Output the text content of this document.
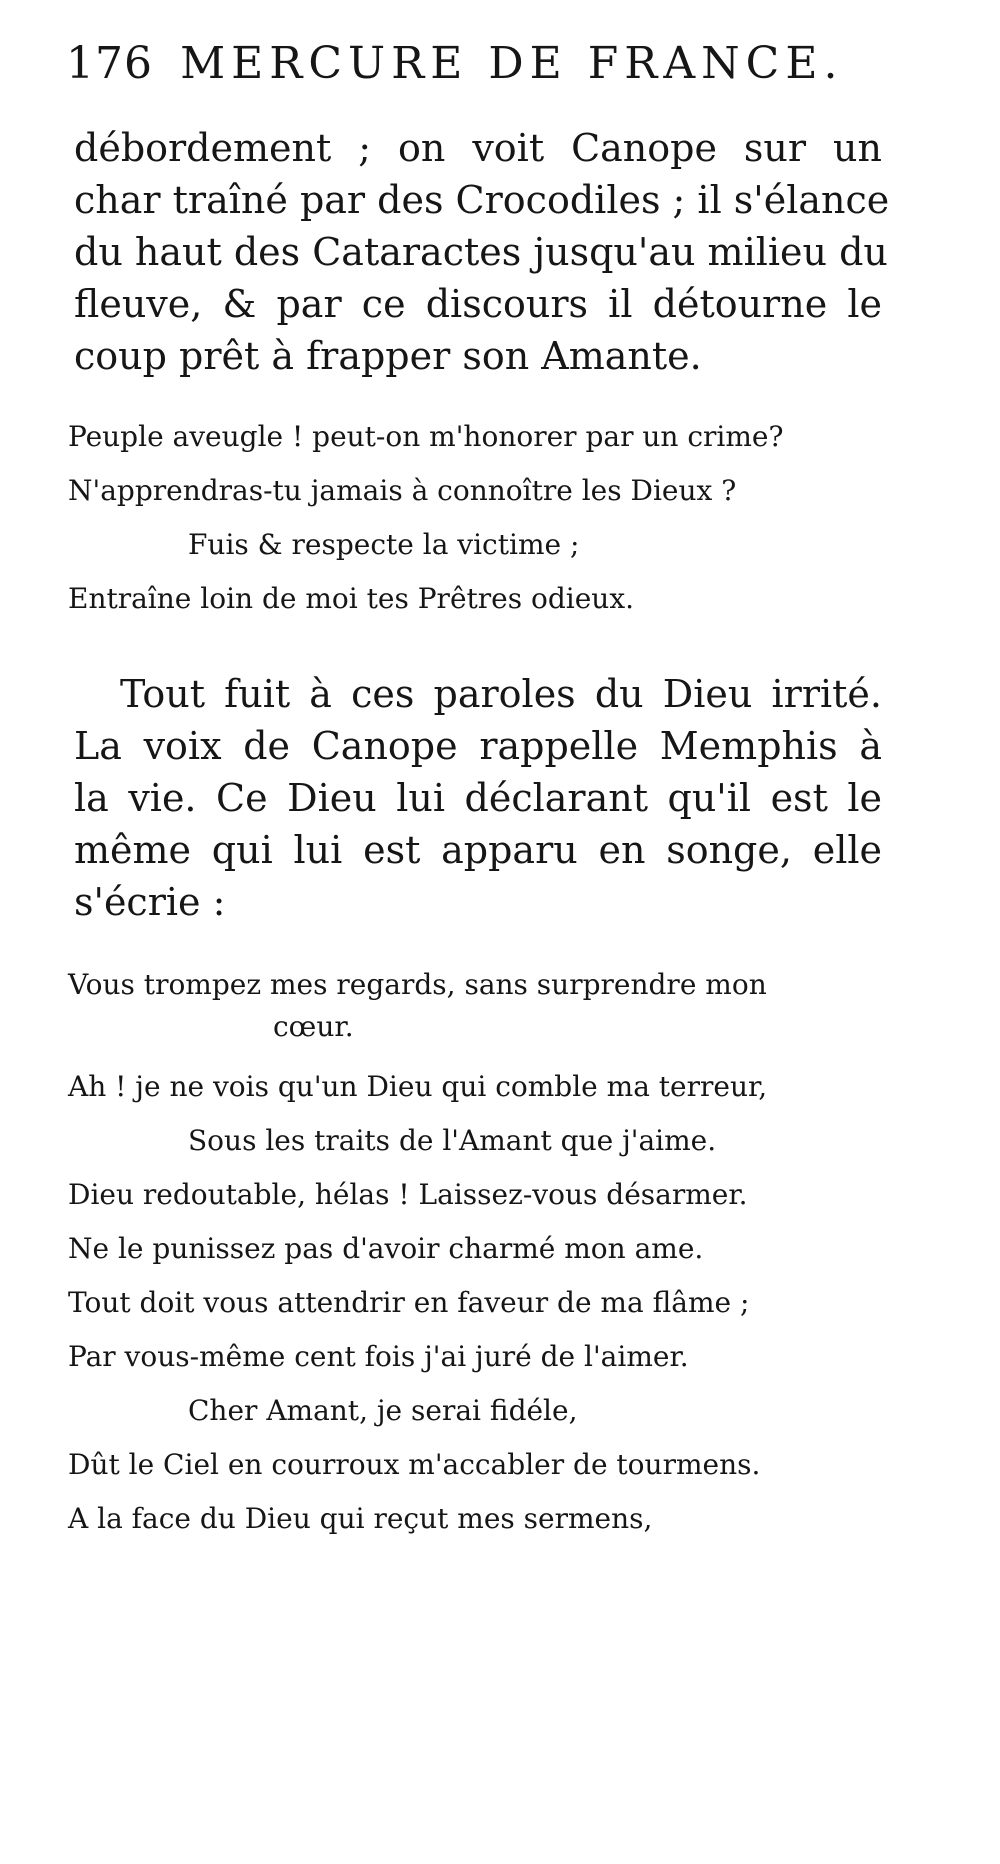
176 MERCURE DE FRANCE.
débordement ; on voit Canope sur un
char traîné par des Crocodiles ; il s'élance
du haut des Cataractes jusqu'au milieu du
fleuve, & par ce discours il détourne le
coup prêt à frapper son Amante.
Peuple aveugle ! peut-on m'honorer par un crime?
N'apprendras-tu jamais à connoître les Dieux ?
Fuis & respecte la victime ;
Entraîne loin de moi tes Prêtres odieux.
Tout fuit à ces paroles du Dieu irrité.
La voix de Canope rappelle Memphis à
la vie. Ce Dieu lui déclarant qu'il est le
même qui lui est apparu en songe, elle
s'écrie :
Vous trompez mes regards, sans surprendre mon
cœur.
Ah ! je ne vois qu'un Dieu qui comble ma terreur,
Sous les traits de l'Amant que j'aime.
Dieu redoutable, hélas ! Laissez-vous désarmer.
Ne le punissez pas d'avoir charmé mon ame.
Tout doit vous attendrir en faveur de ma flâme ;
Par vous-même cent fois j'ai juré de l'aimer.
Cher Amant, je serai fidéle,
Dût le Ciel en courroux m'accabler de tourmens.
A la face du Dieu qui reçut mes sermens,
